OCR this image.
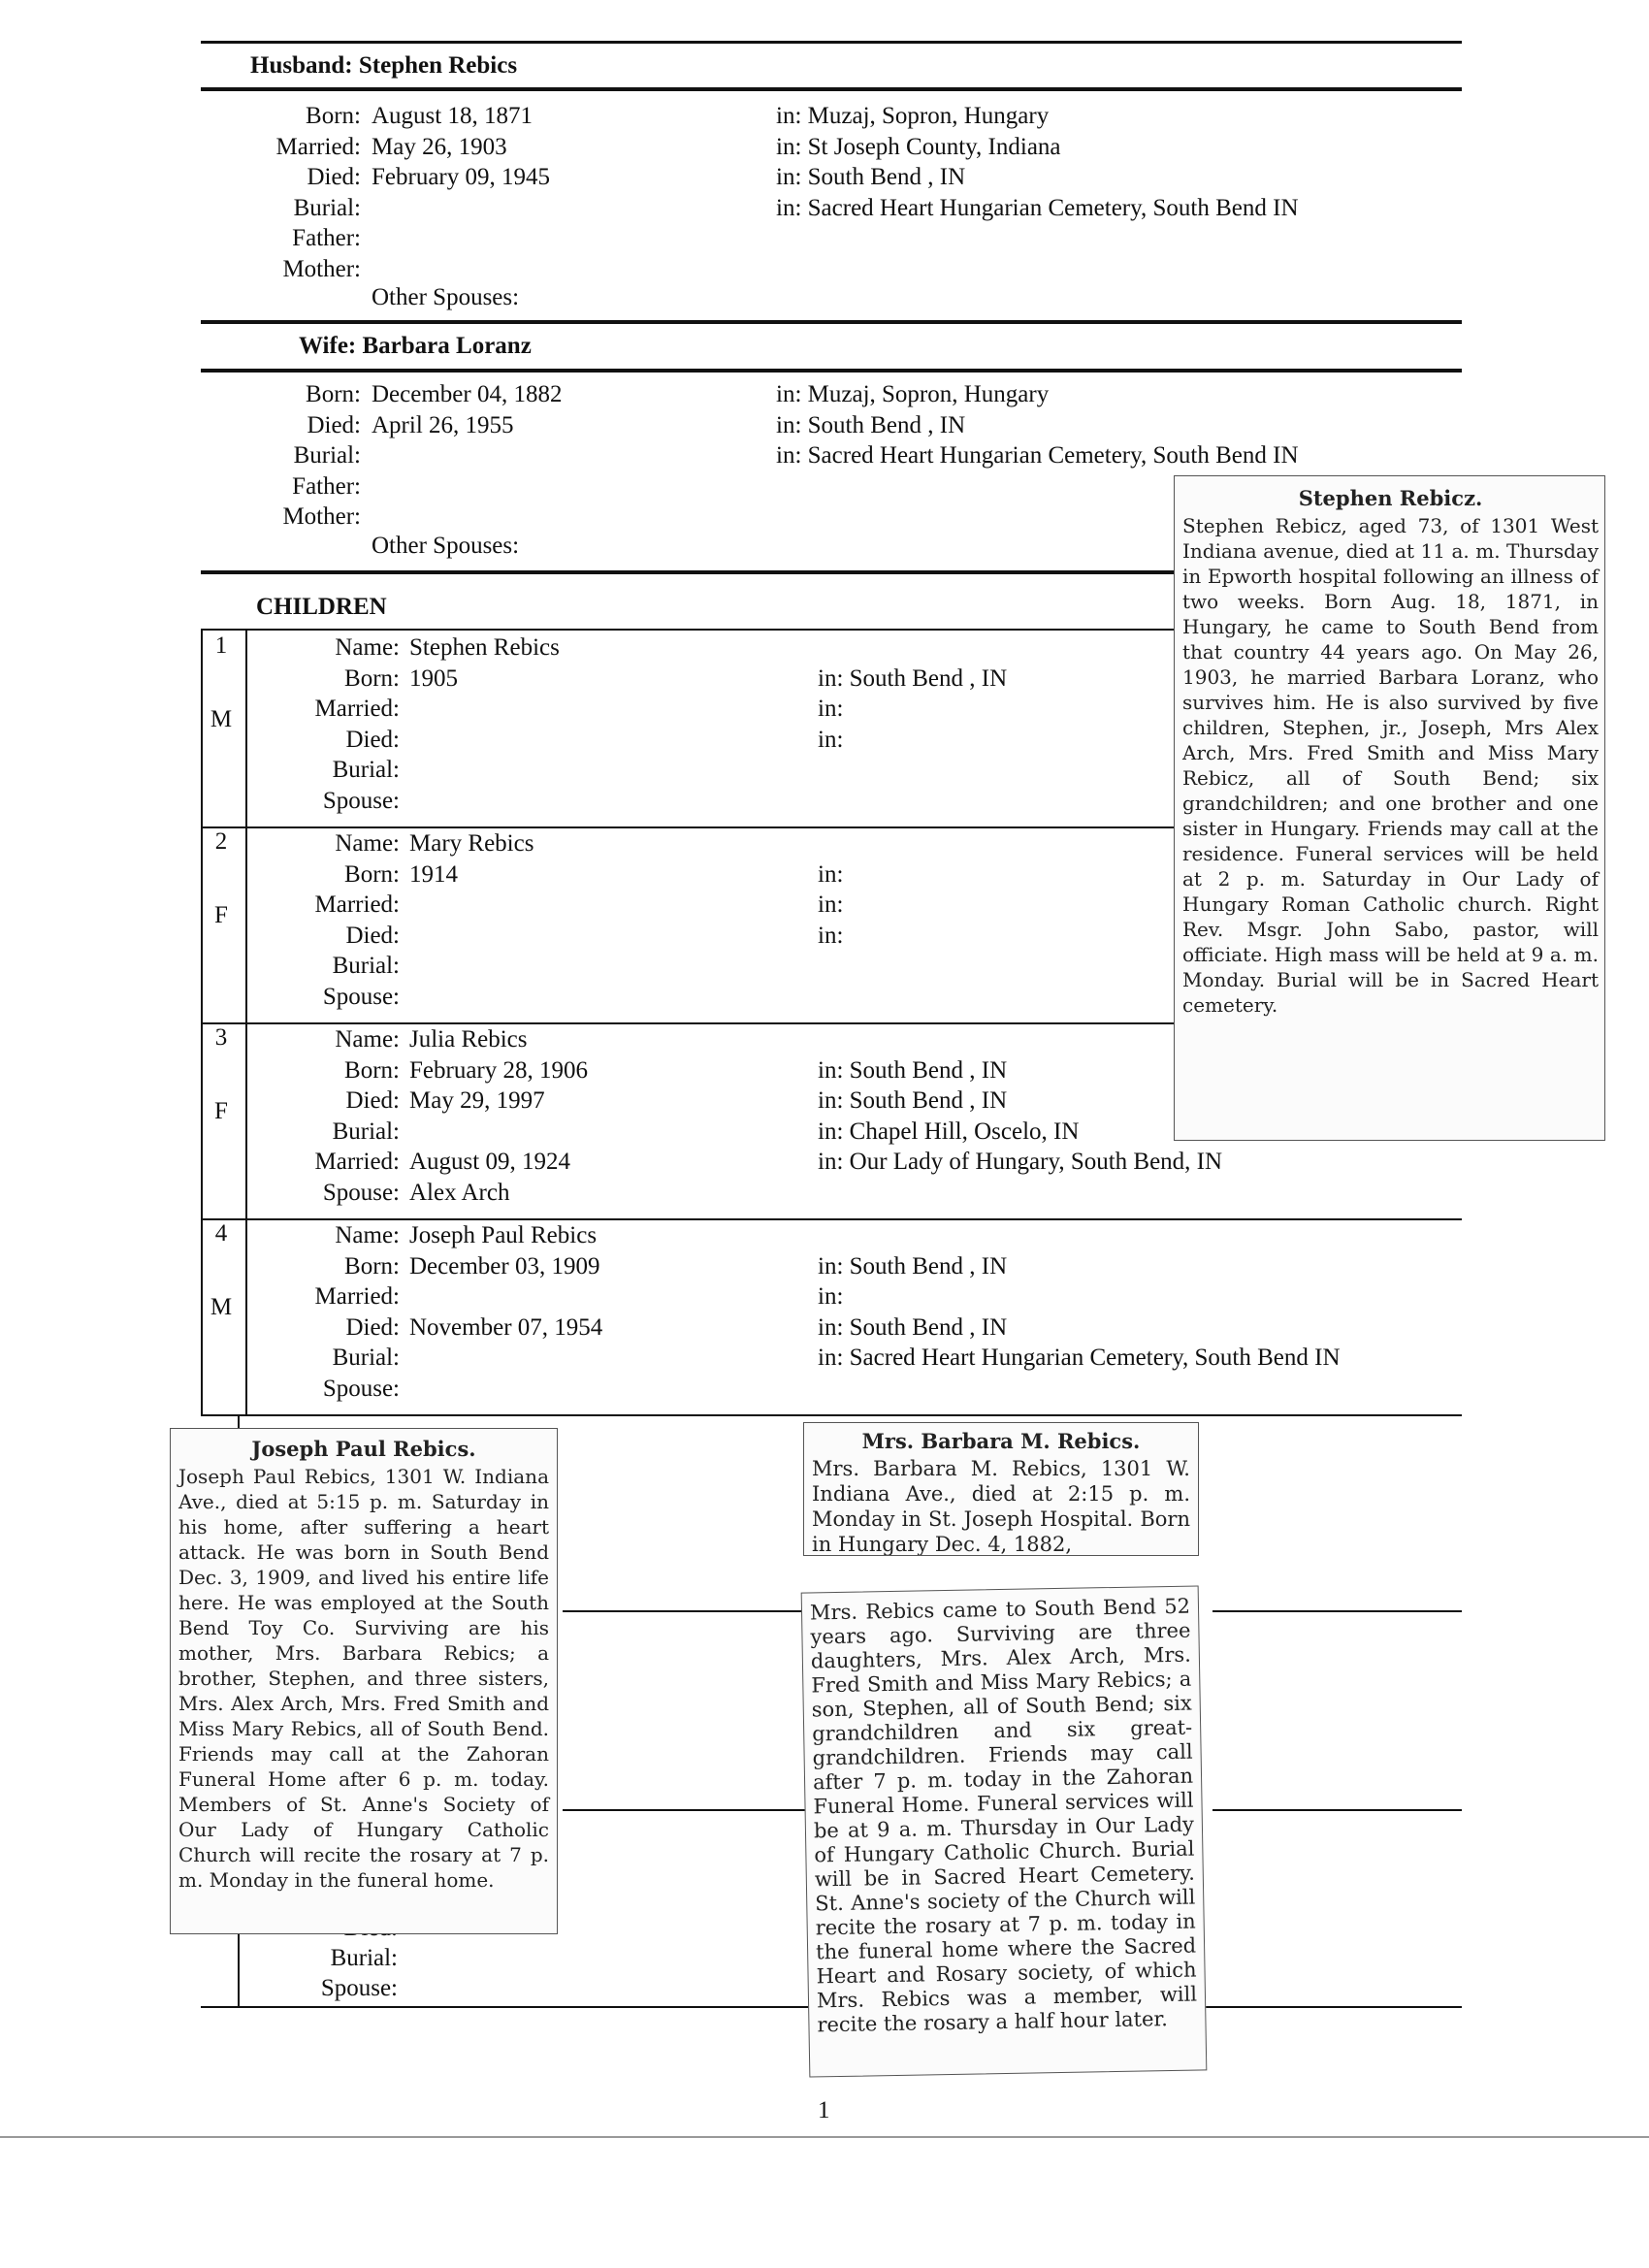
Husband: Stephen Rebics
Born: August 18, 1871	in: Muzaj, Sopron, Hungary
Married: May 26, 1903	in: St Joseph County, Indiana
Died: February 09, 1945	in: South Bend , IN
Burial:	in: Sacred Heart Hungarian Cemetery, South Bend IN
Father:
Mother:
Other Spouses:
Wife: Barbara Loranz
Born: December 04, 1882	in: Muzaj, Sopron, Hungary
Died: April 26, 1955	in: South Bend , IN
Burial:	in: Sacred Heart Hungarian Cemetery, South Bend IN
Father:
Mother:
Other Spouses:
CHILDREN
1
M
Name: Stephen Rebics
Born: 1905	in: South Bend , IN
Married:	in:
Died:	in:
Burial:
Spouse:
2
F
Name: Mary Rebics
Born: 1914	in:
Married:	in:
Died:	in:
Burial:
Spouse:
3
F
Name: Julia Rebics
Born: February 28, 1906	in: South Bend , IN
Died: May 29, 1997	in: South Bend , IN
Burial:	in: Chapel Hill, Oscelo, IN
Married: August 09, 1924	in: Our Lady of Hungary, South Bend, IN
Spouse: Alex Arch
4
M
Name: Joseph Paul Rebics
Born: December 03, 1909	in: South Bend , IN
Married:	in:
Died: November 07, 1954	in: South Bend , IN
Burial:	in: Sacred Heart Hungarian Cemetery, South Bend IN
Spouse:
Burial:
Spouse:
Stephen Rebicz.
Stephen Rebicz, aged 73, of 1301 West Indiana avenue, died at 11 a. m. Thursday in Epworth hospital following an illness of two weeks. Born Aug. 18, 1871, in Hungary, he came to South Bend from that country 44 years ago. On May 26, 1903, he married Barbara Loranz, who survives him. He is also survived by five children, Stephen, jr., Joseph, Mrs Alex Arch, Mrs. Fred Smith and Miss Mary Rebicz, all of South Bend; six grandchildren; and one brother and one sister in Hungary. Friends may call at the residence. Funeral services will be held at 2 p. m. Saturday in Our Lady of Hungary Roman Catholic church. Right Rev. Msgr. John Sabo, pastor, will officiate. High mass will be held at 9 a. m. Monday. Burial will be in Sacred Heart cemetery.
Joseph Paul Rebics.
Joseph Paul Rebics, 1301 W. Indiana Ave., died at 5:15 p. m. Saturday in his home, after suffering a heart attack. He was born in South Bend Dec. 3, 1909, and lived his entire life here. He was employed at the South Bend Toy Co. Surviving are his mother, Mrs. Barbara Rebics; a brother, Stephen, and three sisters, Mrs. Alex Arch, Mrs. Fred Smith and Miss Mary Rebics, all of South Bend. Friends may call at the Zahoran Funeral Home after 6 p. m. today. Members of St. Anne's Society of Our Lady of Hungary Catholic Church will recite the rosary at 7 p. m. Monday in the funeral home.
Mrs. Barbara M. Rebics.
Mrs. Barbara M. Rebics, 1301 W. Indiana Ave., died at 2:15 p. m. Monday in St. Joseph Hospital. Born in Hungary Dec. 4, 1882,
Mrs. Rebics came to South Bend 52 years ago. Surviving are three daughters, Mrs. Alex Arch, Mrs. Fred Smith and Miss Mary Rebics; a son, Stephen, all of South Bend; six grandchildren and six great-grandchildren. Friends may call after 7 p. m. today in the Zahoran Funeral Home. Funeral services will be at 9 a. m. Thursday in Our Lady of Hungary Catholic Church. Burial will be in Sacred Heart Cemetery. St. Anne's society of the Church will recite the rosary at 7 p. m. today in the funeral home where the Sacred Heart and Rosary society, of which Mrs. Rebics was a member, will recite the rosary a half hour later.
1
